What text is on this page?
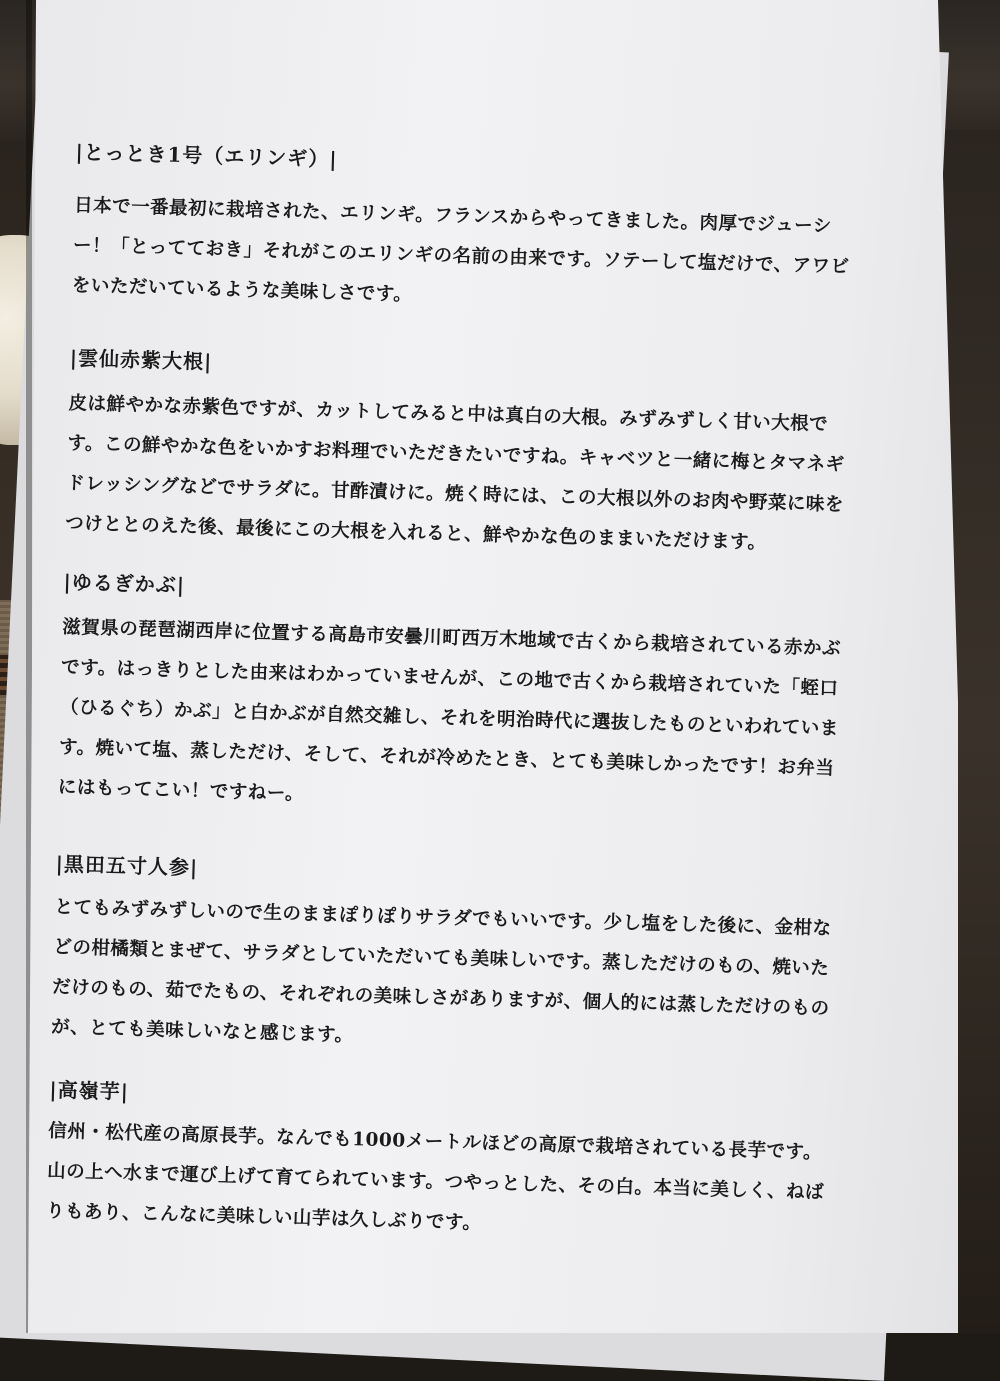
|とっとき1号（エリンギ）|
日本で一番最初に栽培された、エリンギ。フランスからやってきました。肉厚でジューシー！「とってておき」それがこのエリンギの名前の由来です。ソテーして塩だけで、アワビをいただいているような美味しさです。
|雲仙赤紫大根|
皮は鮮やかな赤紫色ですが、カットしてみると中は真白の大根。みずみずしく甘い大根です。この鮮やかな色をいかすお料理でいただきたいですね。キャベツと一緒に梅とタマネギドレッシングなどでサラダに。甘酢漬けに。焼く時には、この大根以外のお肉や野菜に味をつけととのえた後、最後にこの大根を入れると、鮮やかな色のままいただけます。
|ゆるぎかぶ|
滋賀県の琵琶湖西岸に位置する高島市安曇川町西万木地域で古くから栽培されている赤かぶです。はっきりとした由来はわかっていませんが、この地で古くから栽培されていた「蛭口（ひるぐち）かぶ」と白かぶが自然交雑し、それを明治時代に選抜したものといわれています。焼いて塩、蒸しただけ、そして、それが冷めたとき、とても美味しかったです！お弁当にはもってこい！ですねー。
|黒田五寸人参|
とてもみずみずしいので生のままぽりぽりサラダでもいいです。少し塩をした後に、金柑などの柑橘類とまぜて、サラダとしていただいても美味しいです。蒸しただけのもの、焼いただけのもの、茹でたもの、それぞれの美味しさがありますが、個人的には蒸しただけのものが、とても美味しいなと感じます。
|高嶺芋|
信州・松代産の高原長芋。なんでも1000メートルほどの高原で栽培されている長芋です。山の上へ水まで運び上げて育てられています。つやっとした、その白。本当に美しく、ねばりもあり、こんなに美味しい山芋は久しぶりです。
